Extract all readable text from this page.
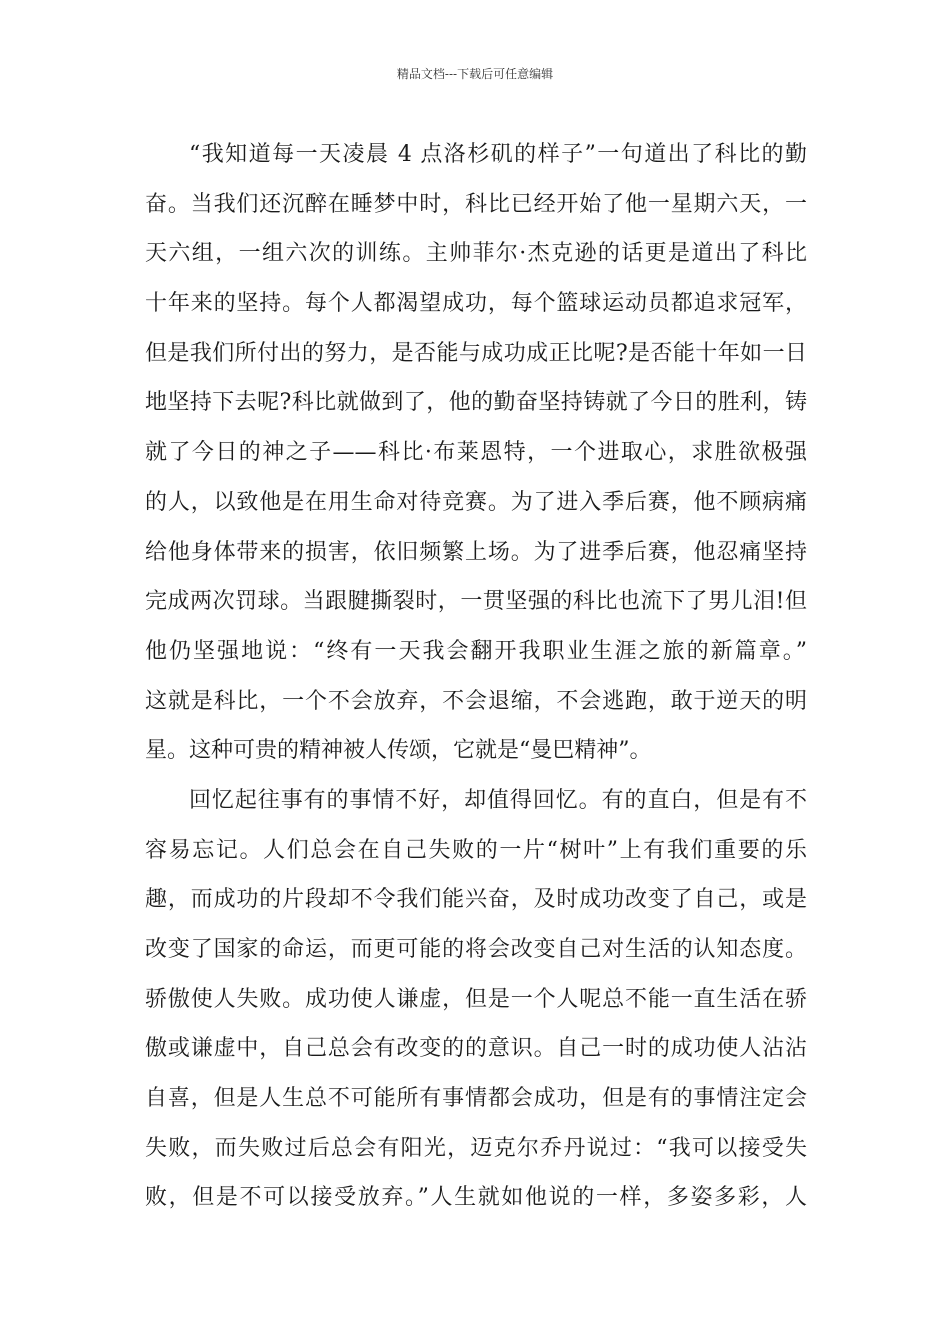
精品文档---下载后可任意编辑

“我知道每一天凌晨 4 点洛杉矶的样子”一句道出了科比的勤
奋。当我们还沉醉在睡梦中时，科比已经开始了他一星期六天，一
天六组，一组六次的训练。主帅菲尔·杰克逊的话更是道出了科比
十年来的坚持。每个人都渴望成功，每个篮球运动员都追求冠军，
但是我们所付出的努力，是否能与成功成正比呢?是否能十年如一日
地坚持下去呢?科比就做到了，他的勤奋坚持铸就了今日的胜利，铸
就了今日的神之子——科比·布莱恩特，一个进取心，求胜欲极强
的人，以致他是在用生命对待竞赛。为了进入季后赛，他不顾病痛
给他身体带来的损害，依旧频繁上场。为了进季后赛，他忍痛坚持
完成两次罚球。当跟腱撕裂时，一贯坚强的科比也流下了男儿泪!但
他仍坚强地说：“终有一天我会翻开我职业生涯之旅的新篇章。”
这就是科比，一个不会放弃，不会退缩，不会逃跑，敢于逆天的明
星。这种可贵的精神被人传颂，它就是“曼巴精神”。

回忆起往事有的事情不好，却值得回忆。有的直白，但是有不
容易忘记。人们总会在自己失败的一片“树叶”上有我们重要的乐
趣，而成功的片段却不令我们能兴奋，及时成功改变了自己，或是
改变了国家的命运，而更可能的将会改变自己对生活的认知态度。
骄傲使人失败。成功使人谦虚，但是一个人呢总不能一直生活在骄
傲或谦虚中，自己总会有改变的的意识。自己一时的成功使人沾沾
自喜，但是人生总不可能所有事情都会成功，但是有的事情注定会
失败，而失败过后总会有阳光，迈克尔乔丹说过：“我可以接受失
败，但是不可以接受放弃。”人生就如他说的一样，多姿多彩，人
